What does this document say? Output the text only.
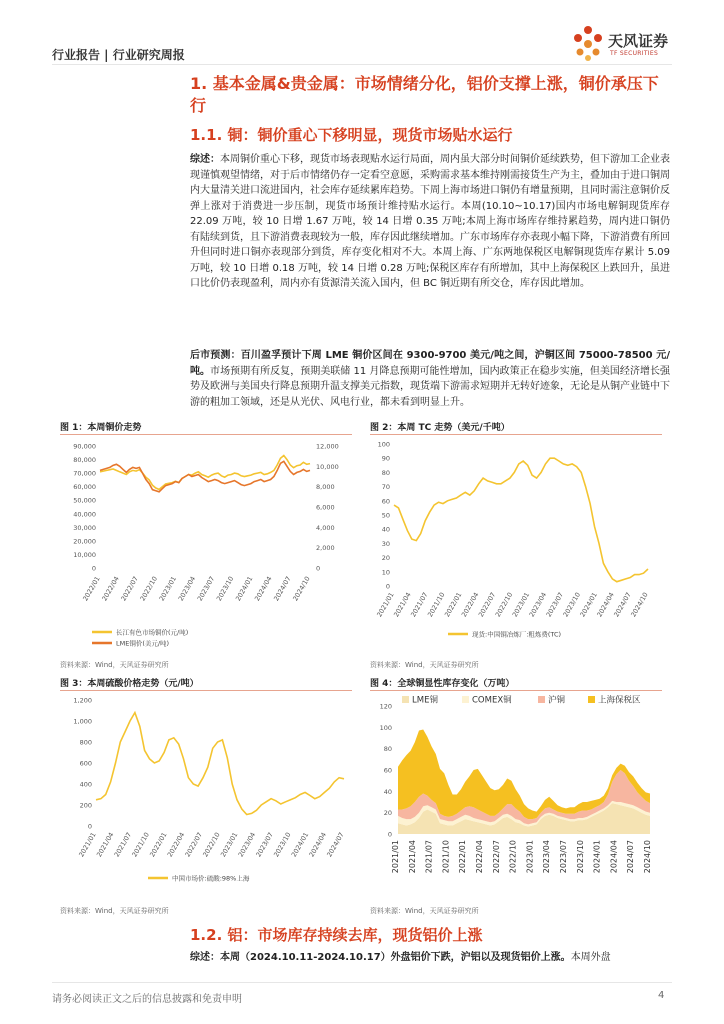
行业报告 | 行业研究周报
天风证券
TF SECURITIES
1. 基本金属&贵金属：市场情绪分化，铝价支撑上涨，铜价承压下行
1.1. 铜：铜价重心下移明显，现货市场贴水运行
综述：本周铜价重心下移，现货市场表现贴水运行局面，周内虽大部分时间铜价延续跌势，但下游加工企业表现谨慎观望情绪，对于后市情绪仍存一定看空意愿，采购需求基本维持刚需接货生产为主，叠加由于进口铜周内大量清关进口流进国内，社会库存延续累库趋势。下周上海市场进口铜仍有增量预期，且同时需注意铜价反弹上涨对于消费进一步压制，现货市场预计维持贴水运行。本周(10.10~10.17)国内市场电解铜现货库存 22.09 万吨，较 10 日增 1.67 万吨，较 14 日增 0.35 万吨;本周上海市场库存维持累趋势，周内进口铜仍有陆续到货，且下游消费表现较为一般，库存因此继续增加。广东市场库存亦表现小幅下降，下游消费有所回升但同时进口铜亦表现部分到货，库存变化相对不大。本周上海、广东两地保税区电解铜现货库存累计 5.09 万吨，较 10 日增 0.18 万吨，较 14 日增 0.28 万吨;保税区库存有所增加，其中上海保税区上跌回升，虽进口比价仍表现盈利，周内亦有货源清关流入国内，但 BC 铜近期有所交仓，库存因此增加。
后市预测：百川盈孚预计下周 LME 铜价区间在 9300-9700 美元/吨之间，沪铜区间 75000-78500 元/吨。市场预期有所反复，预期美联储 11 月降息预期可能性增加，国内政策正在稳步实施，但美国经济增长强势及欧洲与美国央行降息预期升温支撑美元指数，现货端下游需求短期并无转好迹象，无论是从铜产业链中下游的粗加工领域，还是从光伏、风电行业，都未看到明显上升。
图 1：本周铜价走势
0
10,000
20,000
30,000
40,000
50,000
60,000
70,000
80,000
90,000
0
2,000
4,000
6,000
8,000
10,000
12,000
2022/01
2022/04
2022/07
2022/10
2023/01
2023/04
2023/07
2023/10
2024/01
2024/04
2024/07
2024/10
长江有色市场铜价(元/吨)
LME铜价(美元/吨)
资料来源：Wind，天风证券研究所
图 2：本周 TC 走势（美元/千吨）
0
10
20
30
40
50
60
70
80
90
100
2021/01
2021/04
2021/07
2021/10
2022/01
2022/04
2022/07
2022/10
2023/01
2023/04
2023/07
2023/10
2024/01
2024/04
2024/07
2024/10
现货:中国铜冶炼厂:粗炼费(TC)
资料来源：Wind，天风证券研究所
图 3：本周硫酸价格走势（元/吨）
0
200
400
600
800
1,000
1,200
2021/01
2021/04
2021/07
2021/10
2022/01
2022/04
2022/07
2022/10
2023/01
2023/04
2023/07
2023/10
2024/01
2024/04
2024/07
中国市场价:硫酸:98%上海
资料来源：Wind，天风证券研究所
图 4：全球铜显性库存变化（万吨）
0
20
40
60
80
100
120
LME铜	COMEX铜	沪铜	上海保税区
2021/01 2021/04 2021/07 2021/10 2022/01 2022/04 2022/07 2022/10 2023/01 2023/04 2023/07 2023/10 2024/01 2024/04 2024/07 2024/10
资料来源：Wind，天风证券研究所
1.2. 铝：市场库存持续去库，现货铝价上涨
综述：本周（2024.10.11-2024.10.17）外盘铝价下跌，沪铝以及现货铝价上涨。本周外盘
请务必阅读正文之后的信息披露和免责申明	4
